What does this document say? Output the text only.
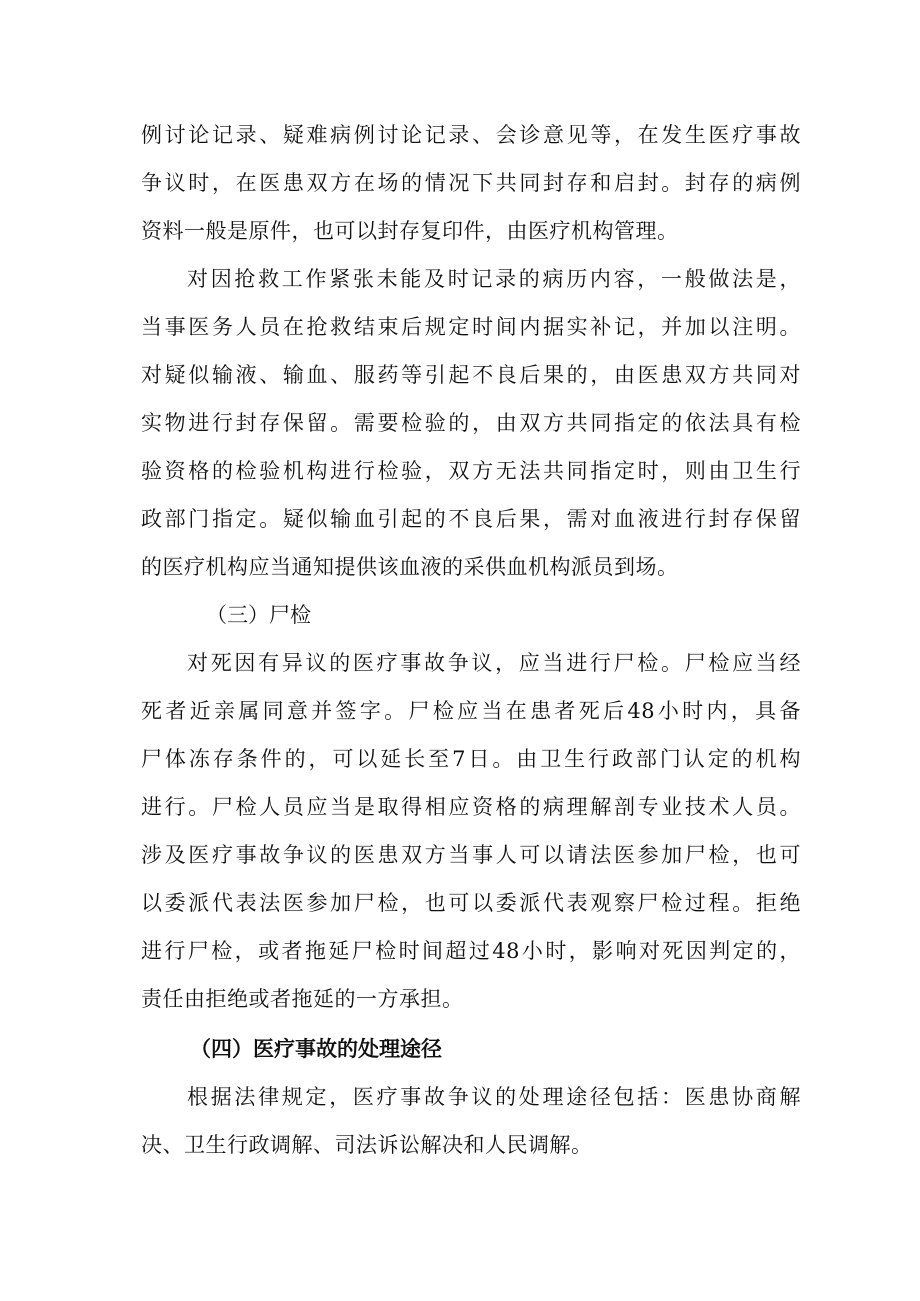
例讨论记录、疑难病例讨论记录、会诊意见等，在发生医疗事故
争议时，在医患双方在场的情况下共同封存和启封。封存的病例
资料一般是原件，也可以封存复印件，由医疗机构管理。
对因抢救工作紧张未能及时记录的病历内容，一般做法是，
当事医务人员在抢救结束后规定时间内据实补记，并加以注明。
对疑似输液、输血、服药等引起不良后果的，由医患双方共同对
实物进行封存保留。需要检验的，由双方共同指定的依法具有检
验资格的检验机构进行检验，双方无法共同指定时，则由卫生行
政部门指定。疑似输血引起的不良后果，需对血液进行封存保留
的医疗机构应当通知提供该血液的采供血机构派员到场。
（三）尸检
对死因有异议的医疗事故争议，应当进行尸检。尸检应当经
死者近亲属同意并签字。尸检应当在患者死后48小时内，具备
尸体冻存条件的，可以延长至7日。由卫生行政部门认定的机构
进行。尸检人员应当是取得相应资格的病理解剖专业技术人员。
涉及医疗事故争议的医患双方当事人可以请法医参加尸检，也可
以委派代表法医参加尸检，也可以委派代表观察尸检过程。拒绝
进行尸检，或者拖延尸检时间超过48小时，影响对死因判定的，
责任由拒绝或者拖延的一方承担。
（四）医疗事故的处理途径
根据法律规定，医疗事故争议的处理途径包括：医患协商解
决、卫生行政调解、司法诉讼解决和人民调解。
